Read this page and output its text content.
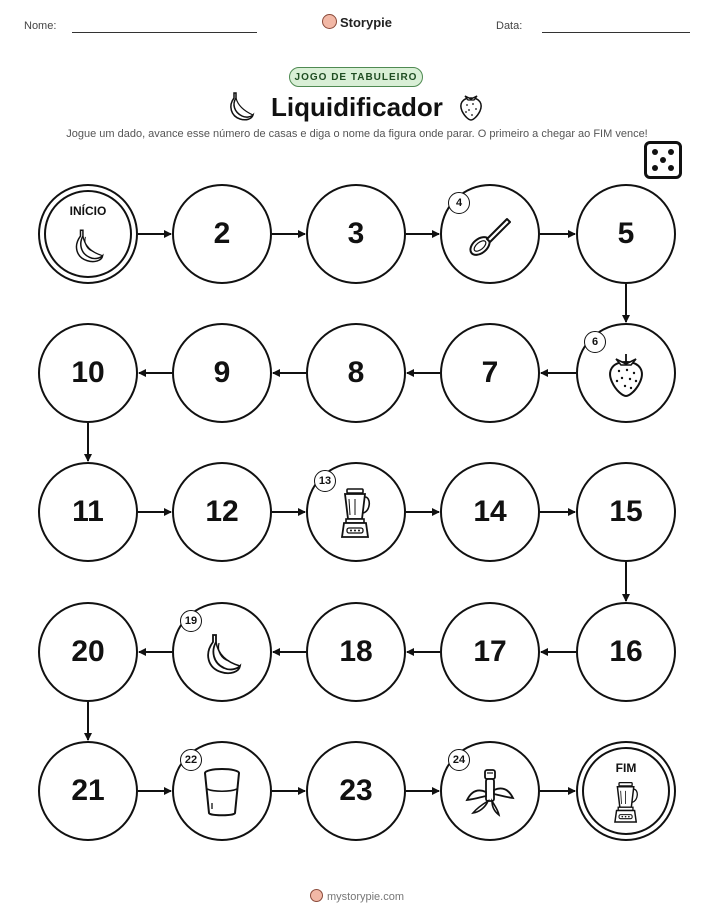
Nome:	Storypie	Data:
JOGO DE TABULEIRO
Liquidificador
Jogue um dado, avance esse número de casas e diga o nome da figura onde parar. O primeiro a chegar ao FIM vence!
INÍCIO
2	3
4
5
6
7
8
9
10
11	12
13
14	15
16
17
18
19
20
21
22
23
24
FIM
mystorypie.com
